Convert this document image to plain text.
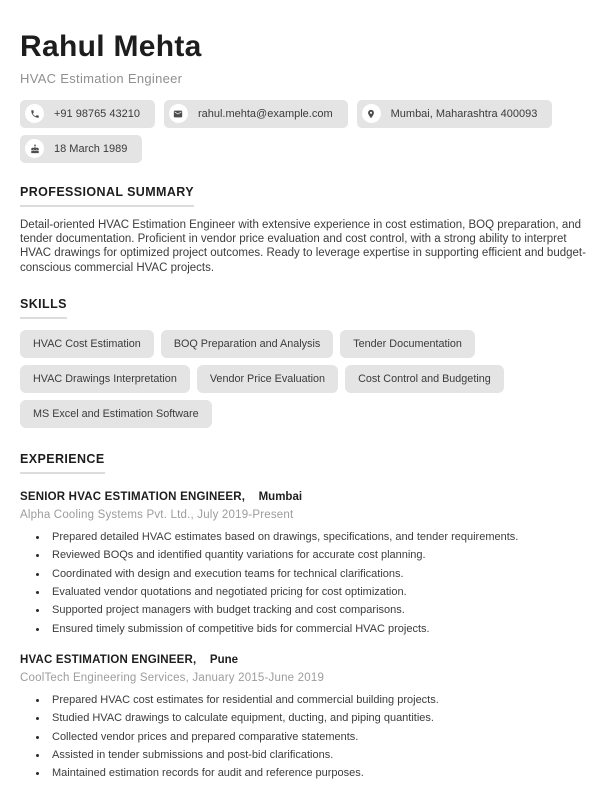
Rahul Mehta
HVAC Estimation Engineer
+91 98765 43210	rahul.mehta@example.com	Mumbai, Maharashtra 400093
18 March 1989
PROFESSIONAL SUMMARY

Detail-oriented HVAC Estimation Engineer with extensive experience in cost estimation, BOQ preparation, and tender documentation. Proficient in vendor price evaluation and cost control, with a strong ability to interpret HVAC drawings for optimized project outcomes. Ready to leverage expertise in supporting efficient and budget-conscious commercial HVAC projects.

SKILLS
HVAC Cost Estimation	BOQ Preparation and Analysis	Tender Documentation
HVAC Drawings Interpretation	Vendor Price Evaluation	Cost Control and Budgeting
MS Excel and Estimation Software
EXPERIENCE
SENIOR HVAC ESTIMATION ENGINEER, Mumbai
Alpha Cooling Systems Pvt. Ltd., July 2019-Present
• Prepared detailed HVAC estimates based on drawings, specifications, and tender requirements.
• Reviewed BOQs and identified quantity variations for accurate cost planning.
• Coordinated with design and execution teams for technical clarifications.
• Evaluated vendor quotations and negotiated pricing for cost optimization.
• Supported project managers with budget tracking and cost comparisons.
• Ensured timely submission of competitive bids for commercial HVAC projects.
HVAC ESTIMATION ENGINEER, Pune
CoolTech Engineering Services, January 2015-June 2019
• Prepared HVAC cost estimates for residential and commercial building projects.
• Studied HVAC drawings to calculate equipment, ducting, and piping quantities.
• Collected vendor prices and prepared comparative statements.
• Assisted in tender submissions and post-bid clarifications.
• Maintained estimation records for audit and reference purposes.
